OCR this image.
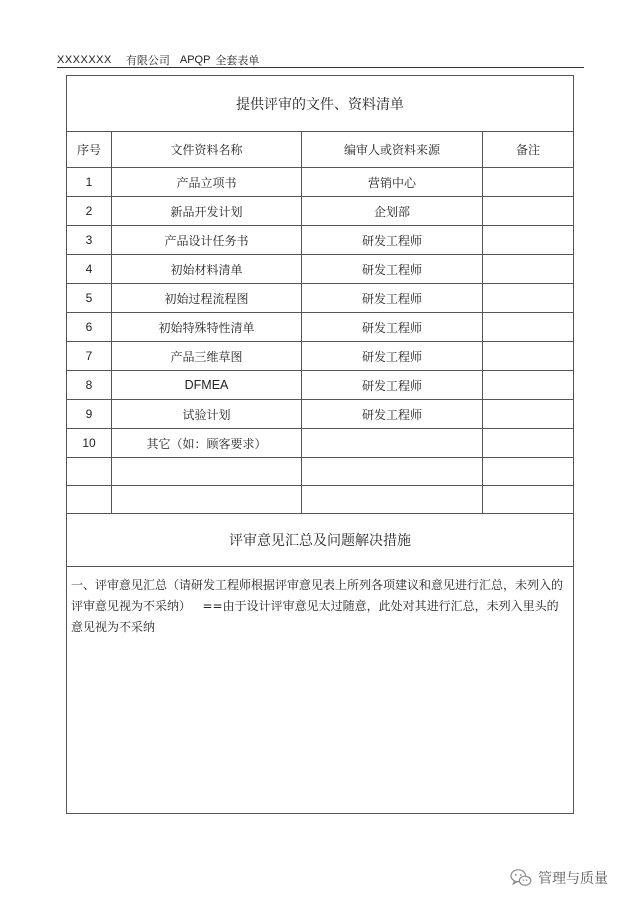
XXXXXXX 有限公司 APQP 全套表单
提供评审的文件、资料清单			
序号	文件资料名称	编审人或资料来源	备注
1	产品立项书	营销中心	
2	新品开发计划	企划部	
3	产品设计任务书	研发工程师	
4	初始材料清单	研发工程师	
5	初始过程流程图	研发工程师	
6	初始特殊特性清单	研发工程师	
7	产品三维草图	研发工程师	
8	DFMEA	研发工程师	
9	试验计划	研发工程师	
10	其它（如：顾客要求）		

评审意见汇总及问题解决措施			
一、评审意见汇总（请研发工程师根据评审意见表上所列各项建议和意见进行汇总，未列入的评审意见视为不采纳） ==由于设计评审意见太过随意，此处对其进行汇总，未列入里头的意见视为不采纳			
管理与质量
